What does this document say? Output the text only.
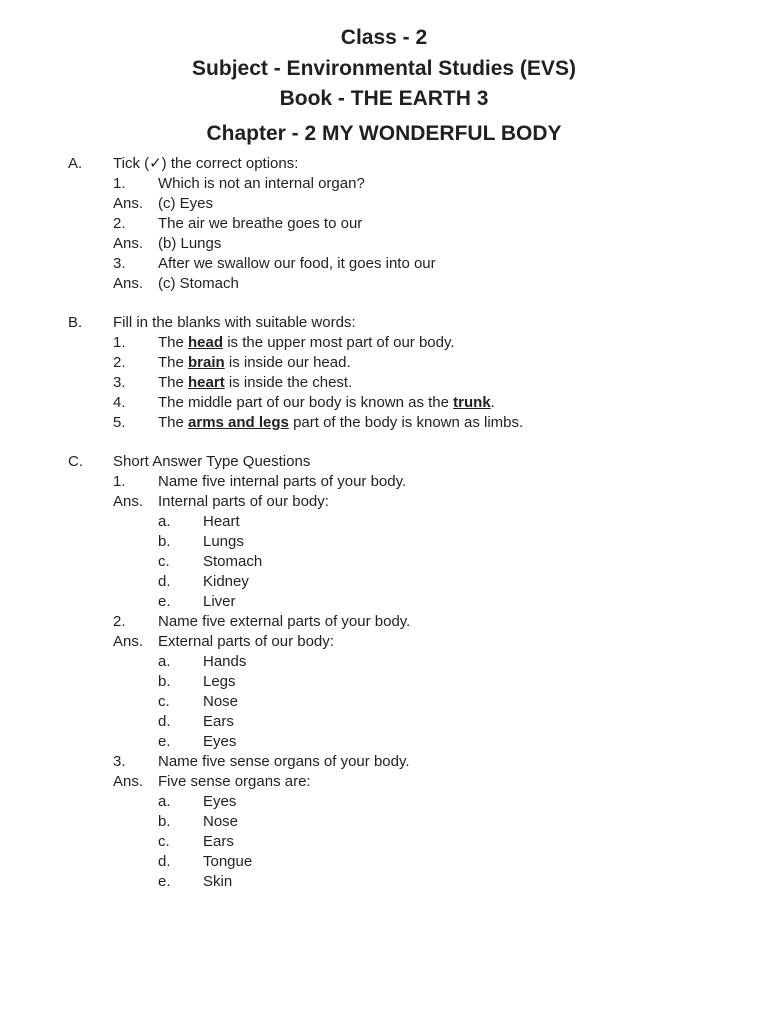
Class - 2
Subject - Environmental Studies (EVS)
Book - THE EARTH 3
Chapter - 2 MY WONDERFUL BODY
A. Tick (✓) the correct options:
1. Which is not an internal organ?
Ans. (c) Eyes
2. The air we breathe goes to our
Ans. (b) Lungs
3. After we swallow our food, it goes into our
Ans. (c) Stomach
B. Fill in the blanks with suitable words:
1. The head is the upper most part of our body.
2. The brain is inside our head.
3. The heart is inside the chest.
4. The middle part of our body is known as the trunk.
5. The arms and legs part of the body is known as limbs.
C. Short Answer Type Questions
1. Name five internal parts of your body.
Ans. Internal parts of our body:
a. Heart
b. Lungs
c. Stomach
d. Kidney
e. Liver
2. Name five external parts of your body.
Ans. External parts of our body:
a. Hands
b. Legs
c. Nose
d. Ears
e. Eyes
3. Name five sense organs of your body.
Ans. Five sense organs are:
a. Eyes
b. Nose
c. Ears
d. Tongue
e. Skin
